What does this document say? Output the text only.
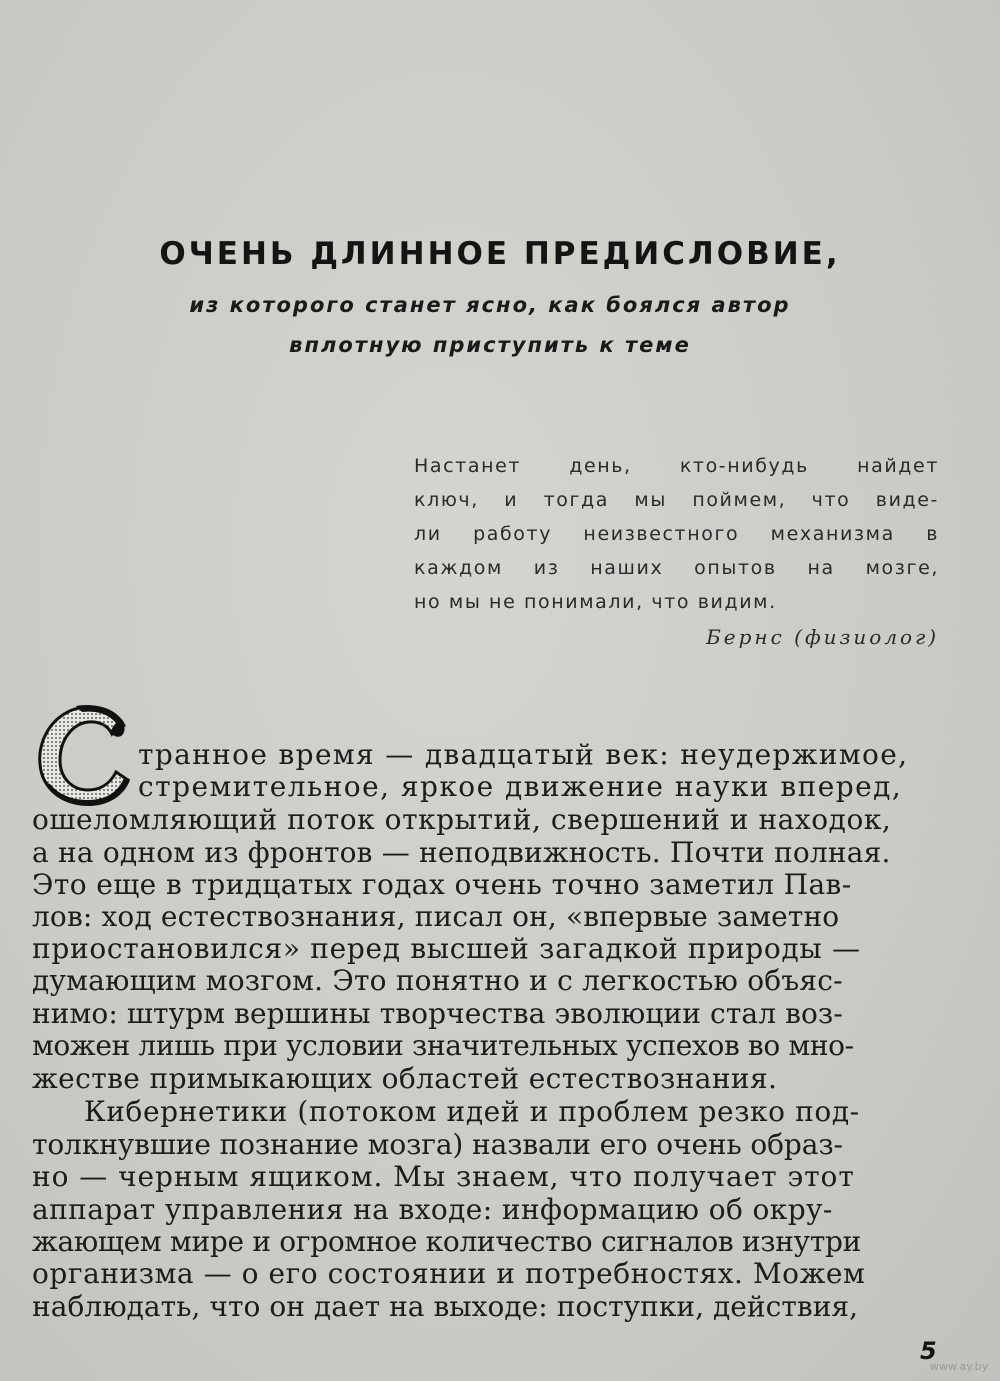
ОЧЕНЬ ДЛИННОЕ ПРЕДИСЛОВИЕ,

из которого станет ясно, как боялся автор

вплотную приступить к теме

Настанет день, кто-нибудь найдет
ключ, и тогда мы поймем, что виде-
ли работу неизвестного механизма в
каждом из наших опытов на мозге,
но мы не понимали, что видим.
Бернс (физиолог)
транное время — двадцатый век: неудержимое,
стремительное, яркое движение науки вперед,
ошеломляющий поток открытий, свершений и находок,
а на одном из фронтов — неподвижность. Почти полная.
Это еще в тридцатых годах очень точно заметил Пав-
лов: ход естествознания, писал он, «впервые заметно
приостановился» перед высшей загадкой природы —
думающим мозгом. Это понятно и с легкостью объяс-
нимо: штурм вершины творчества эволюции стал воз-
можен лишь при условии значительных успехов во мно-
жестве примыкающих областей естествознания.
Кибернетики (потоком идей и проблем резко под-
толкнувшие познание мозга) назвали его очень образ-
но — черным ящиком. Мы знаем, что получает этот
аппарат управления на входе: информацию об окру-
жающем мире и огромное количество сигналов изнутри
организма — о его состоянии и потребностях. Можем
наблюдать, что он дает на выходе: поступки, действия,
5
www.ay.by
